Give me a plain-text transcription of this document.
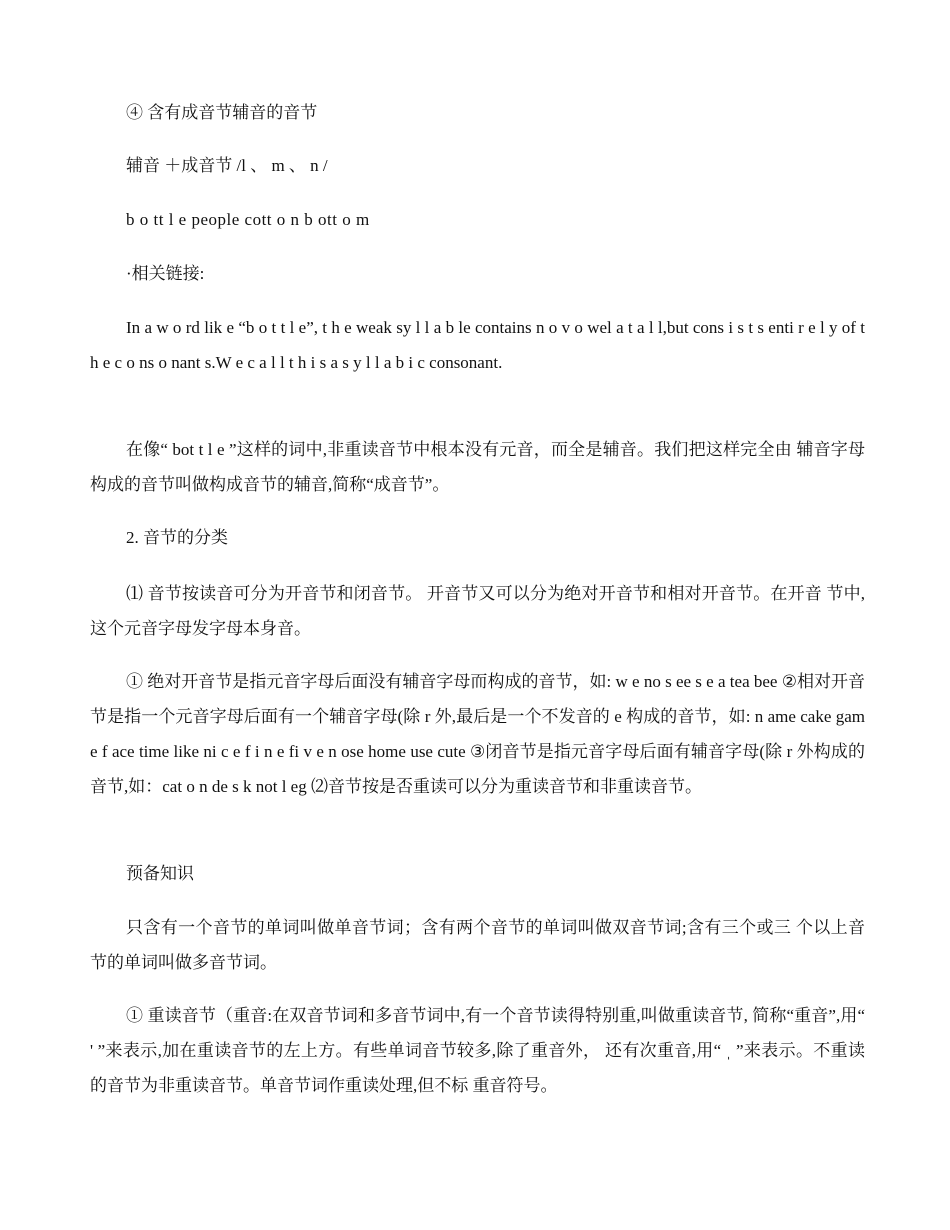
④ 含有成音节辅音的音节

辅音 ＋成音节 /l 、 m 、 n /

b o tt l e people cott o n b ott o m

·相关链接:

In a w o rd lik e “b o t t l e”, t h e weak sy l l a b le contains n o v o wel a t a l l,but cons i s t s enti r e l y of t h e c o ns o nant s.W e c a l l t h i s a s y l l a b i c consonant.

在像“ bot t l e ”这样的词中,非重读音节中根本没有元音，而全是辅音。我们把这样完全由 辅音字母构成的音节叫做构成音节的辅音,简称“成音节”。

2. 音节的分类

⑴ 音节按读音可分为开音节和闭音节。 开音节又可以分为绝对开音节和相对开音节。在开音 节中,这个元音字母发字母本身音。

① 绝对开音节是指元音字母后面没有辅音字母而构成的音节，如: w e no s ee s e a tea bee ②相对开音节是指一个元音字母后面有一个辅音字母(除 r 外,最后是一个不发音的 e 构成的音节，如: n ame cake gam e f ace time like ni c e f i n e fi v e n ose home use cute ③闭音节是指元音字母后面有辅音字母(除 r 外构成的音节,如：cat o n de s k not l eg ⑵音节按是否重读可以分为重读音节和非重读音节。

预备知识

只含有一个音节的单词叫做单音节词；含有两个音节的单词叫做双音节词;含有三个或三 个以上音节的单词叫做多音节词。

① 重读音节（重音:在双音节词和多音节词中,有一个音节读得特别重,叫做重读音节, 简称“重音”,用“ ' ”来表示,加在重读音节的左上方。有些单词音节较多,除了重音外， 还有次重音,用“ ˌ ”来表示。不重读的音节为非重读音节。单音节词作重读处理,但不标 重音符号。
